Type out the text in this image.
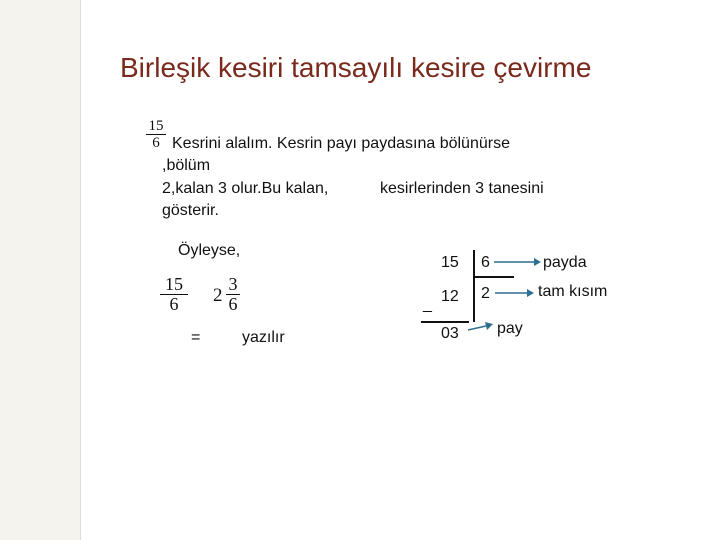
Birleşik kesiri tamsayılı kesire çevirme
15
6 Kesrini alalım. Kesrin payı paydasına bölünürse
,bölüm
2,kalan 3 olur.Bu kalan,	kesirlerinden 3 tanesini
gösterir.
Öyleyse,
15
6	2
3
6
=	yazılır
15 6
12 2
_
03
payda
tam kısım
pay
